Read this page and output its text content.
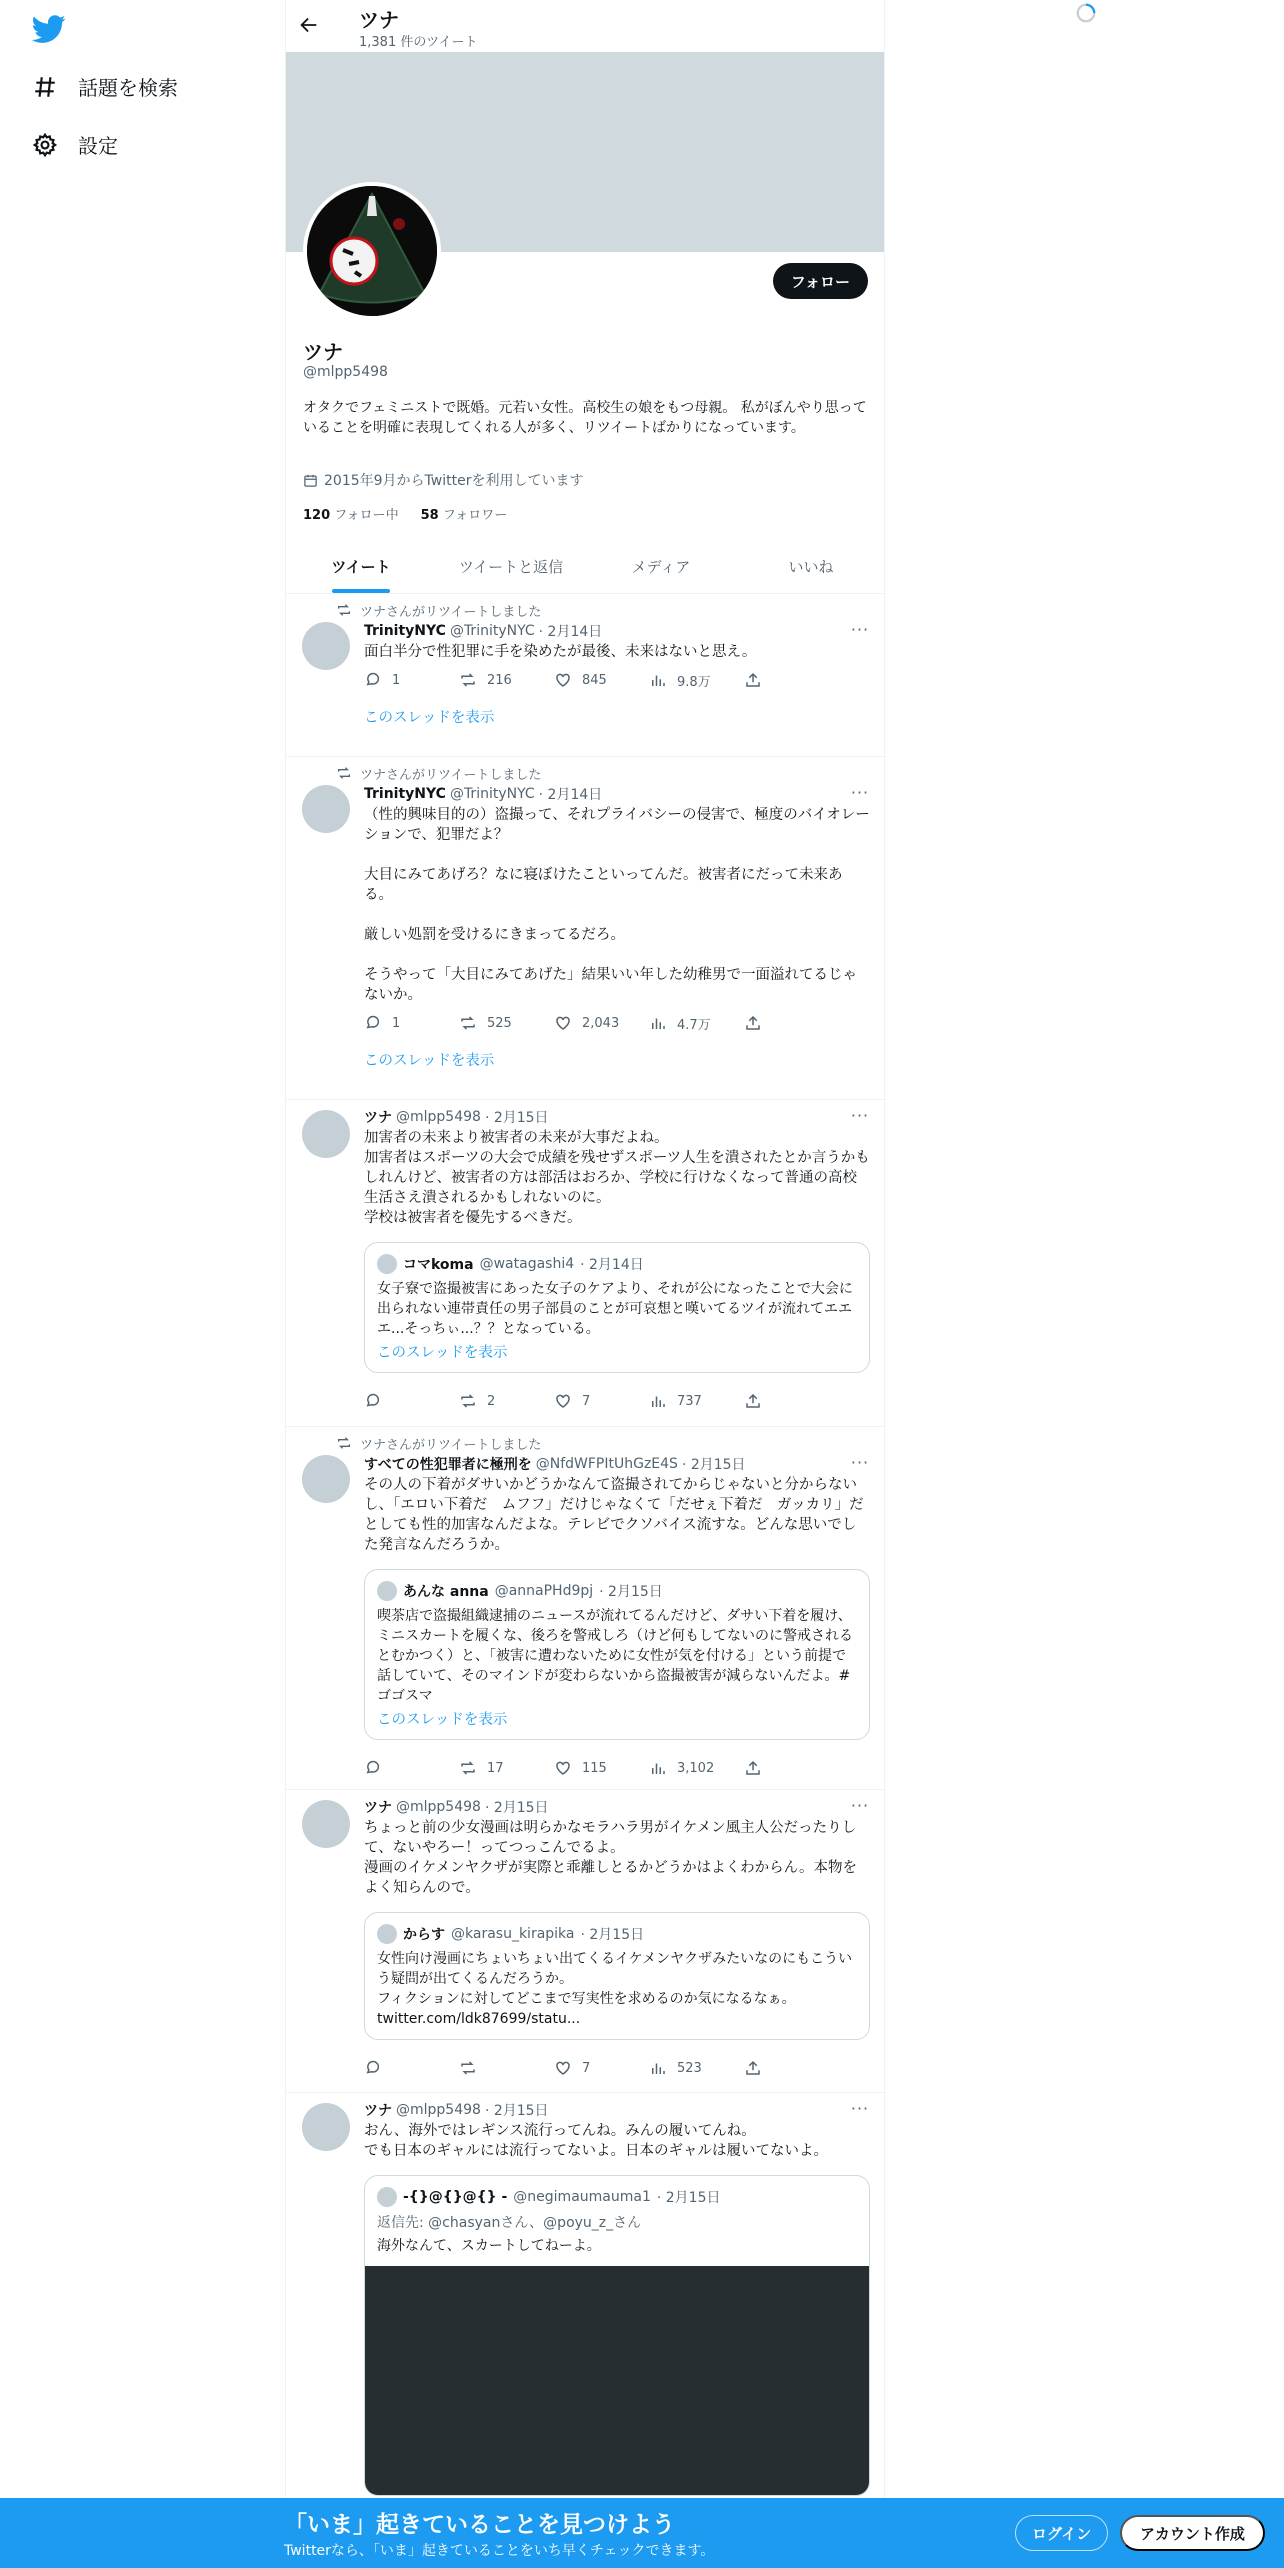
話題を検索
設定
ツナ
1,381 件のツイート
フォロー
ツナ
@mlpp5498
オタクでフェミニストで既婚。元若い女性。高校生の娘をもつ母親。 私がぼんやり思っていることを明確に表現してくれる人が多く、リツイートばかりになっています。
2015年9月からTwitterを利用しています
120 フォロー中 58 フォロワー
ツイート	ツイートと返信	メディア	いいね
ツナさんがリツイートしました
···
TrinityNYC @TrinityNYC · 2月14日
面白半分で性犯罪に手を染めたが最後、未来はないと思え。
1	216	845	9.8万
このスレッドを表示
ツナさんがリツイートしました
···
TrinityNYC @TrinityNYC · 2月14日
（性的興味目的の）盗撮って、それプライバシーの侵害で、極度のバイオレーションで、犯罪だよ？

大目にみてあげろ？なに寝ぼけたこといってんだ。被害者にだって未来ある。

厳しい処罰を受けるにきまってるだろ。

そうやって「大目にみてあげた」結果いい年した幼稚男で一面溢れてるじゃないか。
1	525	2,043	4.7万
このスレッドを表示
···
ツナ @mlpp5498 · 2月15日
加害者の未来より被害者の未来が大事だよね。
加害者はスポーツの大会で成績を残せずスポーツ人生を潰されたとか言うかもしれんけど、被害者の方は部活はおろか、学校に行けなくなって普通の高校生活さえ潰されるかもしれないのに。
学校は被害者を優先するべきだ。
コマkoma @watagashi4 · 2月14日
女子寮で盗撮被害にあった女子のケアより、それが公になったことで大会に出られない連帯責任の男子部員のことが可哀想と嘆いてるツイが流れてエエエ...そっちぃ...？？となっている。
このスレッドを表示
2	7	737
ツナさんがリツイートしました
···
すべての性犯罪者に極刑を @NfdWFPItUhGzE4S · 2月15日
その人の下着がダサいかどうかなんて盗撮されてからじゃないと分からないし、「エロい下着だ　ムフフ」だけじゃなくて「だせぇ下着だ　ガッカリ」だとしても性的加害なんだよな。テレビでクソバイス流すな。どんな思いでした発言なんだろうか。
あんな anna @annaPHd9pj · 2月15日
喫茶店で盗撮組織逮捕のニュースが流れてるんだけど、ダサい下着を履け、ミニスカートを履くな、後ろを警戒しろ（けど何もしてないのに警戒されるとむかつく）と、「被害に遭わないために女性が気を付ける」という前提で話していて、そのマインドが変わらないから盗撮被害が減らないんだよ。#ゴゴスマ
このスレッドを表示
17	115	3,102
···
ツナ @mlpp5498 · 2月15日
ちょっと前の少女漫画は明らかなモラハラ男がイケメン風主人公だったりして、ないやろー！ってつっこんでるよ。
漫画のイケメンヤクザが実際と乖離しとるかどうかはよくわからん。本物をよく知らんので。
からす @karasu_kirapika · 2月15日
女性向け漫画にちょいちょい出てくるイケメンヤクザみたいなのにもこういう疑問が出てくるんだろうか。
フィクションに対してどこまで写実性を求めるのか気になるなぁ。
twitter.com/ldk87699/statu...
7	523
···
ツナ @mlpp5498 · 2月15日
おん、海外ではレギンス流行ってんね。みんの履いてんね。
でも日本のギャルには流行ってないよ。日本のギャルは履いてないよ。
-{}@{}@{} - @negimaumauma1 · 2月15日
返信先: @chasyanさん、@poyu_z_さん
海外なんて、スカートしてねーよ。
「いま」起きていることを見つけよう
Twitterなら、「いま」起きていることをいち早くチェックできます。
ログイン	アカウント作成
